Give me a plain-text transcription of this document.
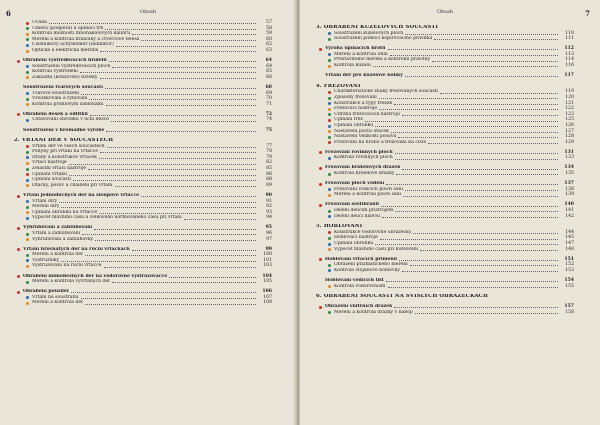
6	Obsah
Úvaha	57
Úmera (podpěra) a upínací trn	58
Kontrola možnosti mnohakolových kalibrů	59
Měření a kontrola hranolky a čtvercové tělesa	60
Číselníkový úchylkoměr (indikátor)	62
Optická a elektrická měřidla	63
Obrábění vystřeďovacích hřídelů	64
Soustružení vystřeďovacích ploch	64
Kontrola vystředění	65
Základní (konzovité) návěky	66
Soustružení tvarových součástí	68
Tvarové soustružení	69
Vroubkování a rýhování	70
Kontrola profilovým šablonami	71
Obrábění desek a odlitků	72
Ustavování obrobku v lícní desce	74
Soustružení v hromadné výrobě	75
2. VRTÁNÍ DĚR V SOUČÁSTECH
Vrtání děr ve všech součástech	77
Pohyby při vrtání na vrtačce	78
Druhy a konstrukce vrtaček	79
Vrtací nástroje	82
Zeláštní vrtací nástroje	85
Upínání vrtáků	86
Upínání součástí	88
Otáčky, posuv a chlazení při vrtání	89
Vrtání jednoduchých děr na sloupové vrtačce	90
Vrtání díry	91
Měření díry	92
Upínání obrobků na vrtačce	93
Výpočet hlavního času a celkového normovaného času při vrtání	94
Vyhrubování a zahlubování	95
Vrtání a zahlubování	96
Vyhrubování a zahlubovky	97
Vrtání hrovnatých děr na ruční vrtačkách	99
Měření a kontrola děr	100
Výstružníky	101
Vystružování na ruční vrtačce	103
Obrábění mimoběžných děr na vodorovné vystružovačce	104
Měření a kontrola vyvrtaných děr	105
Obrábění pouzder	106
Vrtání na soustruhu	107
Měření a kontrola děr	108
Obsah	7
3. OBRÁBĚNÍ KUŽELOVÝCH SOUČÁSTÍ
Soustružení kuželových ploch	110
Soustružení pomocí kopírovacího pravítka	111
Výroba upínacích hrotů	112
Měření a kontrola úhlu	113
Přestavitelné měření a kontrolní pravítky	114
Kontrola kuželů	116
Vrtání děr pro kuželové kolíky	117
4. FRÉZOVÁNÍ
Charakteristické znaky frézovaných součástí	119
Způsoby frézování	120
Konstrukce a typy frézek	121
Frézovací nástroje	122
Údržba frézovacích nástrojů	123
Upínání fréz	125
Upínání obrobků	126
Nastavení počtu otáček	127
Nastavení velikosti posuvu	128
Frézování na hrubo a frézování na čisto	129
Frézování rovinných ploch	131
Kontrola rovinných ploch	133
Frézování hřídelových drážek	134
Kontrola hřídelové drážky	135
Frézování ploch vodení	137
Frézování vodících ploch saní	138
Měření a kontrola ploch saní	139
Frézování šestihranů	140
Dělení dělicím přístrojem	141
Dělení dělicí hlavou	142
5. HOBLOVÁNÍ
Konstrukce vodorovné obrážečky	144
Hoblovací nástroje	145
Upínání obrobků	147
Výpočet hlavního času při hoblování	148
Hoblování vrtacích přimenů	151
Obrážení prizmatického měření	152
Kontrola stojanové hoblovky	153
Hoblování vodících lišt	154
Kontrola vodorovnosti	155
6. OBRÁBĚNÍ SOUČÁSTÍ NA SVISLÝCH OBRÁŽEČKÁCH
Obrážení vnitřních drážek	157
Měření a kontrola drážky v náboji	158
